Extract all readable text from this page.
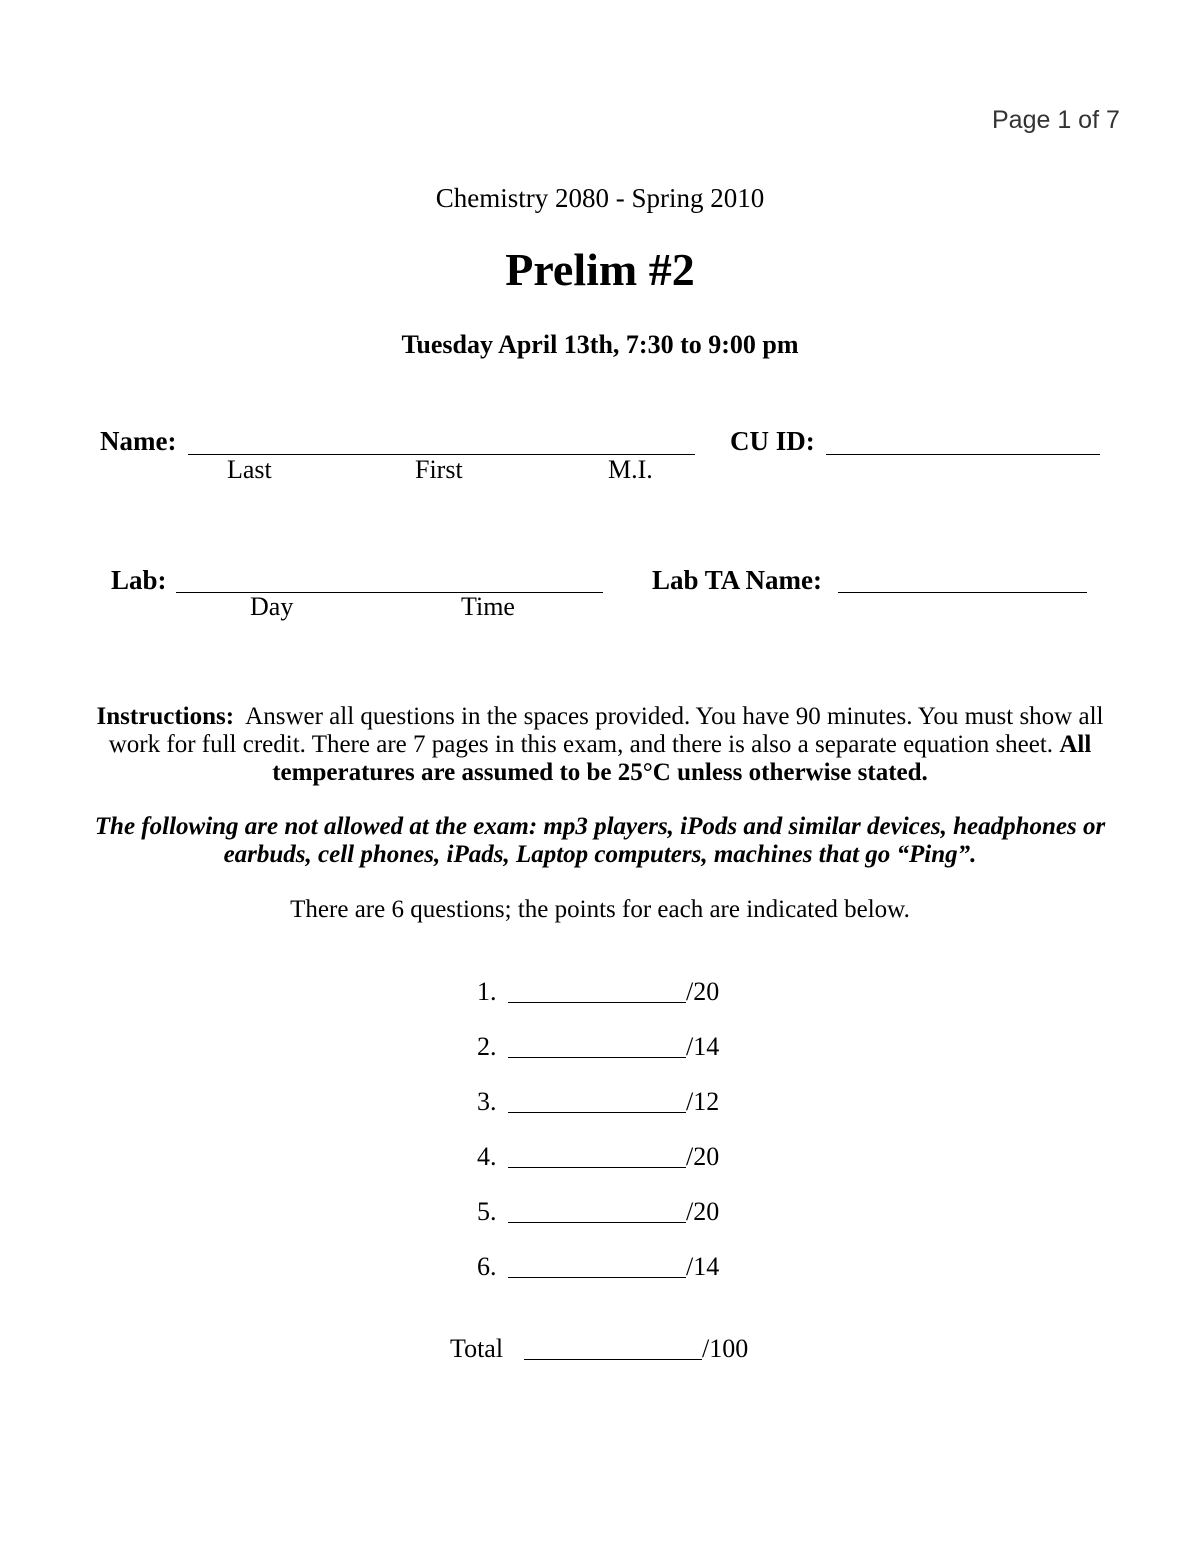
Page 1 of 7
Chemistry 2080 - Spring 2010
Prelim #2
Tuesday April 13th, 7:30 to 9:00 pm
Name:
Last	First	M.I.
CU ID:
Lab:
Day	Time
Lab TA Name:
Instructions: Answer all questions in the spaces provided. You have 90 minutes. You must show all work for full credit. There are 7 pages in this exam, and there is also a separate equation sheet. All temperatures are assumed to be 25°C unless otherwise stated.
The following are not allowed at the exam: mp3 players, iPods and similar devices, headphones or earbuds, cell phones, iPads, Laptop computers, machines that go “Ping”.
There are 6 questions; the points for each are indicated below.
1.	/20
2.	/14
3.	/12
4.	/20
5.	/20
6.	/14
Total	/100
